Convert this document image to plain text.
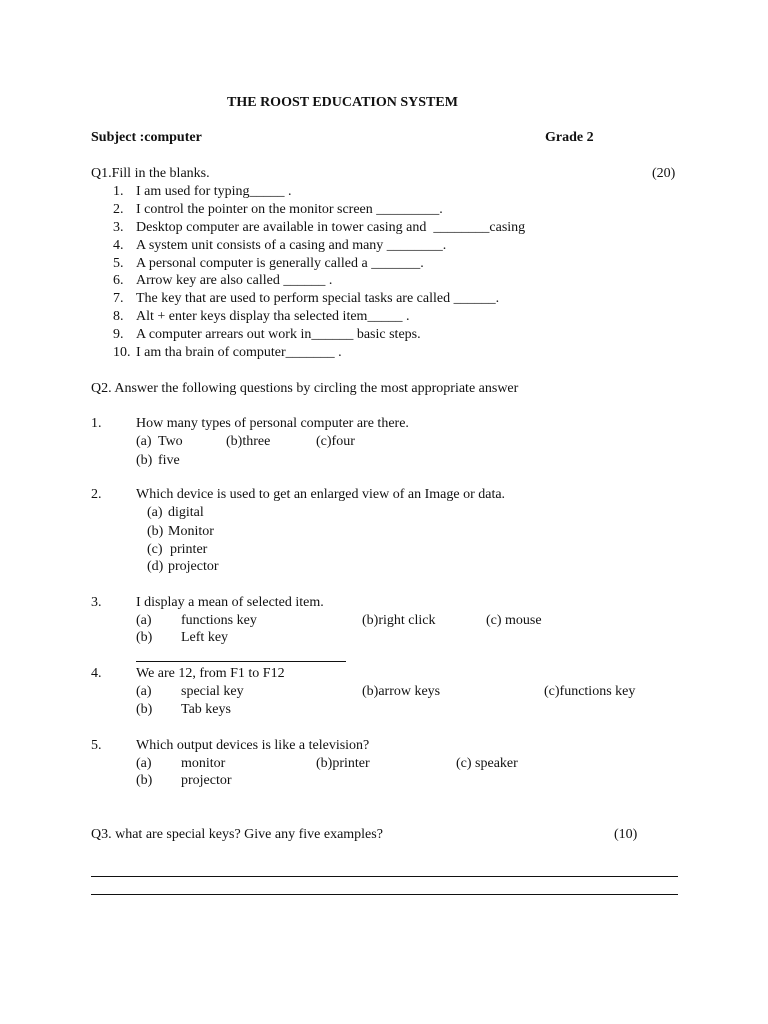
THE ROOST EDUCATION SYSTEM
Subject :computer	Grade 2
Q1.Fill in the blanks.	(20)
1. I am used for typing_____ .
2. I control the pointer on the monitor screen _________.
3. Desktop computer are available in tower casing and  ________casing
4. A system unit consists of a casing and many ________.
5. A personal computer is generally called a _______.
6. Arrow key are also called ______ .
7. The key that are used to perform special tasks are called ______.
8. Alt + enter keys display tha selected item_____ .
9. A computer arrears out work in______ basic steps.
10. I am tha brain of computer_______ .
Q2. Answer the following questions by circling the most appropriate answer
1. How many types of personal computer are there.
(a) Two	(b)three	(c)four
(b) five
2. Which device is used to get an enlarged view of an Image or data.
(a) digital
(b) Monitor
(c) printer
(d) projector
3. I display a mean of selected item.
(a) functions key	(b)right click	(c) mouse
(b) Left key
4. We are 12, from F1 to F12
(a) special key	(b)arrow keys	(c)functions key
(b) Tab keys
5. Which output devices is like a television?
(a) monitor	(b)printer	(c) speaker
(b) projector
Q3. what are special keys? Give any five examples?	(10)
